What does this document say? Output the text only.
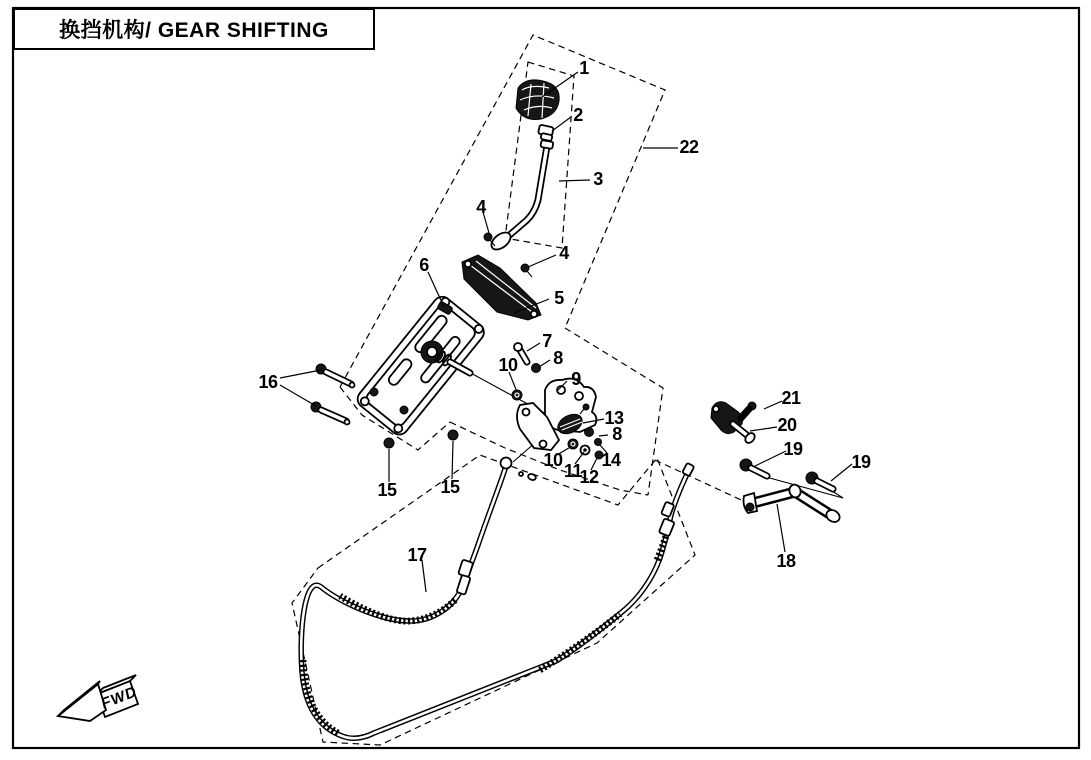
换挡机构/ GEAR SHIFTING
FWD
1
2
3
4
4
5
6
7
8
8
9
10
10
11
12
13
14
15 15
16
17	18
19
19
20
21
22
